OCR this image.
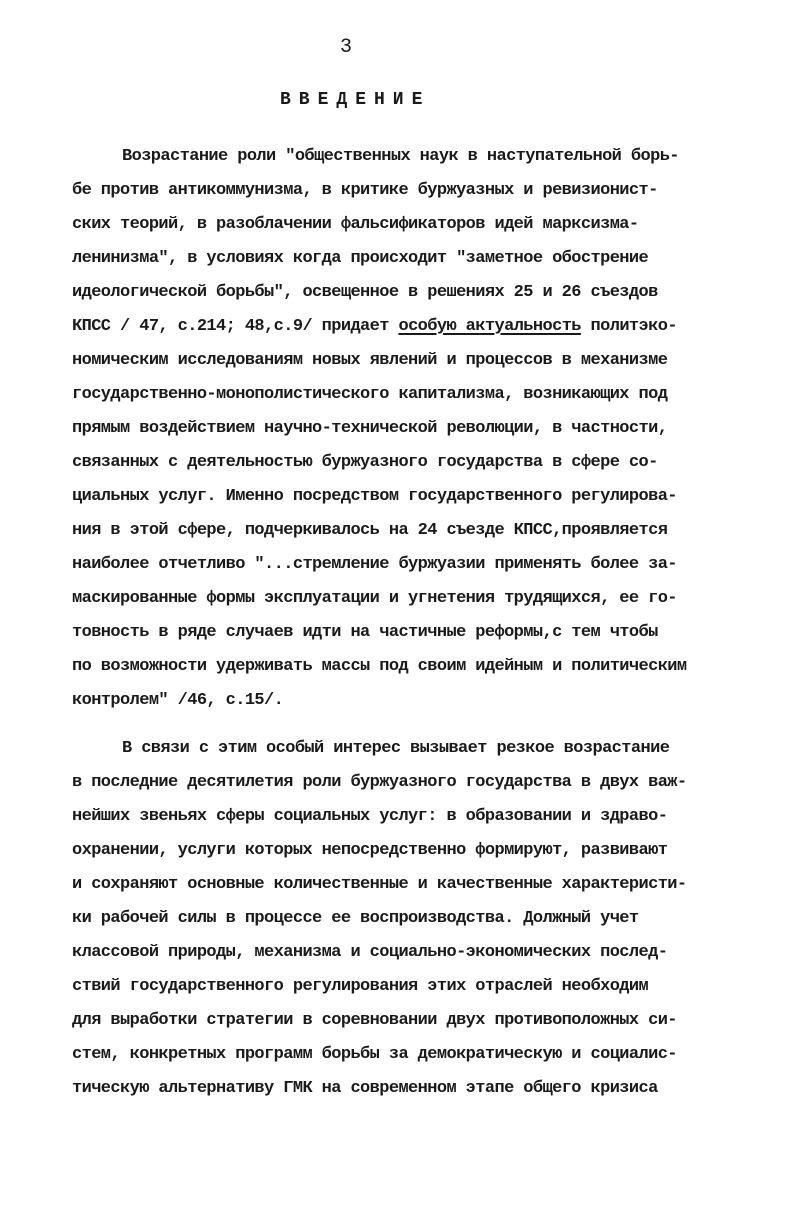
3
ВВЕДЕНИЕ
Возрастание роли "общественных наук в наступательной борь-
бе против антикоммунизма, в критике буржуазных и ревизионист-
ских теорий, в разоблачении фальсификаторов идей марксизма-
ленинизма", в условиях когда происходит "заметное обострение
идеологической борьбы", освещенное в решениях 25 и 26 съездов
КПСС / 47, с.214; 48,с.9/ придает особую актуальность политэко-
номическим исследованиям новых явлений и процессов в механизме
государственно-монополистического капитализма, возникающих под
прямым воздействием научно-технической революции, в частности,
связанных с деятельностью буржуазного государства в сфере со-
циальных услуг. Именно посредством государственного регулирова-
ния в этой сфере, подчеркивалось на 24 съезде КПСС,проявляется
наиболее отчетливо "...стремление буржуазии применять более за-
маскированные формы эксплуатации и угнетения трудящихся, ее го-
товность в ряде случаев идти на частичные реформы,с тем чтобы
по возможности удерживать массы под своим идейным и политическим
контролем" /46, с.15/.
В связи с этим особый интерес вызывает резкое возрастание
в последние десятилетия роли буржуазного государства в двух важ-
нейших звеньях сферы социальных услуг: в образовании и здраво-
охранении, услуги которых непосредственно формируют, развивают
и сохраняют основные количественные и качественные характеристи-
ки рабочей силы в процессе ее воспроизводства. Должный учет
классовой природы, механизма и социально-экономических послед-
ствий государственного регулирования этих отраслей необходим
для выработки стратегии в соревновании двух противоположных си-
стем, конкретных программ борьбы за демократическую и социалис-
тическую альтернативу ГМК на современном этапе общего кризиса
